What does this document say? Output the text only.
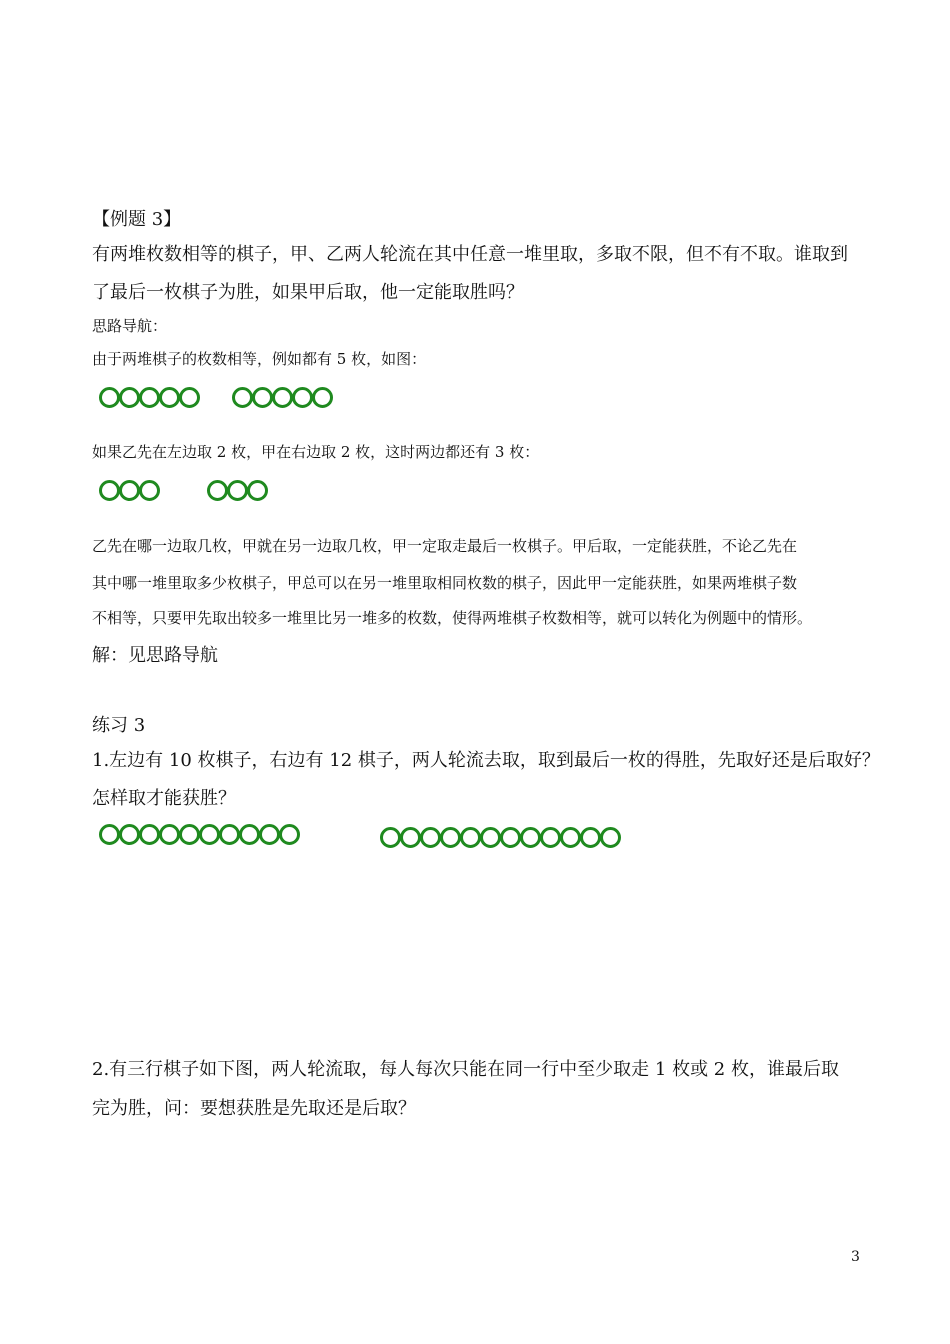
【例题 3】
有两堆枚数相等的棋子，甲、乙两人轮流在其中任意一堆里取，多取不限，但不有不取。谁取到
了最后一枚棋子为胜，如果甲后取，他一定能取胜吗？
思路导航：
由于两堆棋子的枚数相等，例如都有 5 枚，如图：
如果乙先在左边取 2 枚，甲在右边取 2 枚，这时两边都还有 3 枚：
乙先在哪一边取几枚，甲就在另一边取几枚，甲一定取走最后一枚棋子。甲后取，一定能获胜，不论乙先在
其中哪一堆里取多少枚棋子，甲总可以在另一堆里取相同枚数的棋子，因此甲一定能获胜，如果两堆棋子数
不相等，只要甲先取出较多一堆里比另一堆多的枚数，使得两堆棋子枚数相等，就可以转化为例题中的情形。
解：见思路导航
练习 3
1.左边有 10 枚棋子，右边有 12 棋子，两人轮流去取，取到最后一枚的得胜，先取好还是后取好？
怎样取才能获胜？
2.有三行棋子如下图，两人轮流取，每人每次只能在同一行中至少取走 1 枚或 2 枚，谁最后取
完为胜，问：要想获胜是先取还是后取？
3
